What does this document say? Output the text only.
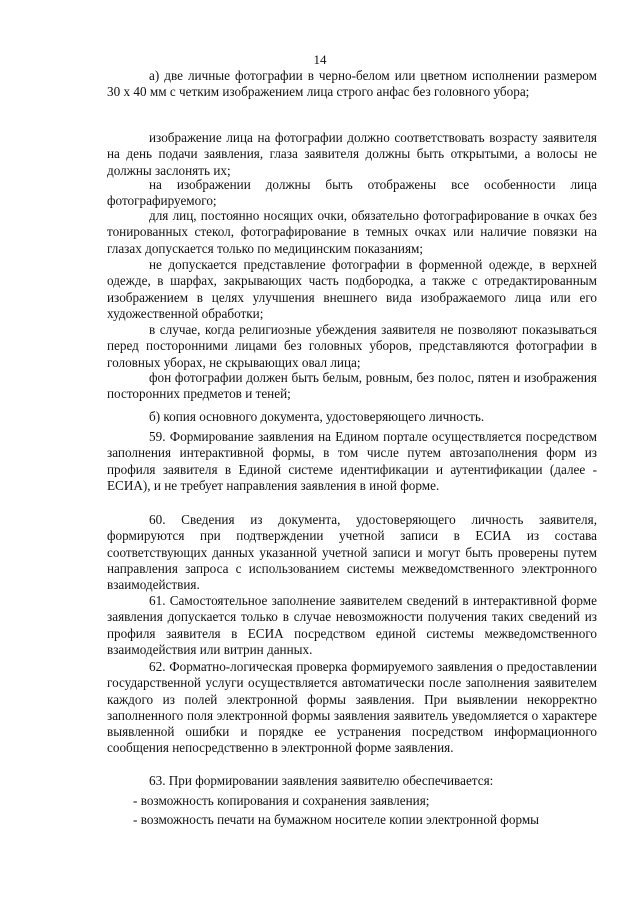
14

а) две личные фотографии в черно-белом или цветном исполнении размером 30 х 40 мм с четким изображением лица строго анфас без головного убора;

изображение лица на фотографии должно соответствовать возрасту заявителя на день подачи заявления, глаза заявителя должны быть открытыми, а волосы не должны заслонять их;

на изображении должны быть отображены все особенности лица фотографируемого;

для лиц, постоянно носящих очки, обязательно фотографирование в очках без тонированных стекол, фотографирование в темных очках или наличие повязки на глазах допускается только по медицинским показаниям;

не допускается представление фотографии в форменной одежде, в верхней одежде, в шарфах, закрывающих часть подбородка, а также с отредактированным изображением в целях улучшения внешнего вида изображаемого лица или его художественной обработки;

в случае, когда религиозные убеждения заявителя не позволяют показываться перед посторонними лицами без головных уборов, представляются фотографии в головных уборах, не скрывающих овал лица;

фон фотографии должен быть белым, ровным, без полос, пятен и изображения посторонних предметов и теней;

б) копия основного документа, удостоверяющего личность.

59. Формирование заявления на Едином портале осуществляется посредством заполнения интерактивной формы, в том числе путем автозаполнения форм из профиля заявителя в Единой системе идентификации и аутентификации (далее - ЕСИА), и не требует направления заявления в иной форме.

60. Сведения из документа, удостоверяющего личность заявителя, формируются при подтверждении учетной записи в ЕСИА из состава соответствующих данных указанной учетной записи и могут быть проверены путем направления запроса с использованием системы межведомственного электронного взаимодействия.

61. Самостоятельное заполнение заявителем сведений в интерактивной форме заявления допускается только в случае невозможности получения таких сведений из профиля заявителя в ЕСИА посредством единой системы межведомственного взаимодействия или витрин данных.

62. Форматно-логическая проверка формируемого заявления о предоставлении государственной услуги осуществляется автоматически после заполнения заявителем каждого из полей электронной формы заявления. При выявлении некорректно заполненного поля электронной формы заявления заявитель уведомляется о характере выявленной ошибки и порядке ее устранения посредством информационного сообщения непосредственно в электронной форме заявления.

63. При формировании заявления заявителю обеспечивается:

- возможность копирования и сохранения заявления;

- возможность печати на бумажном носителе копии электронной формы
